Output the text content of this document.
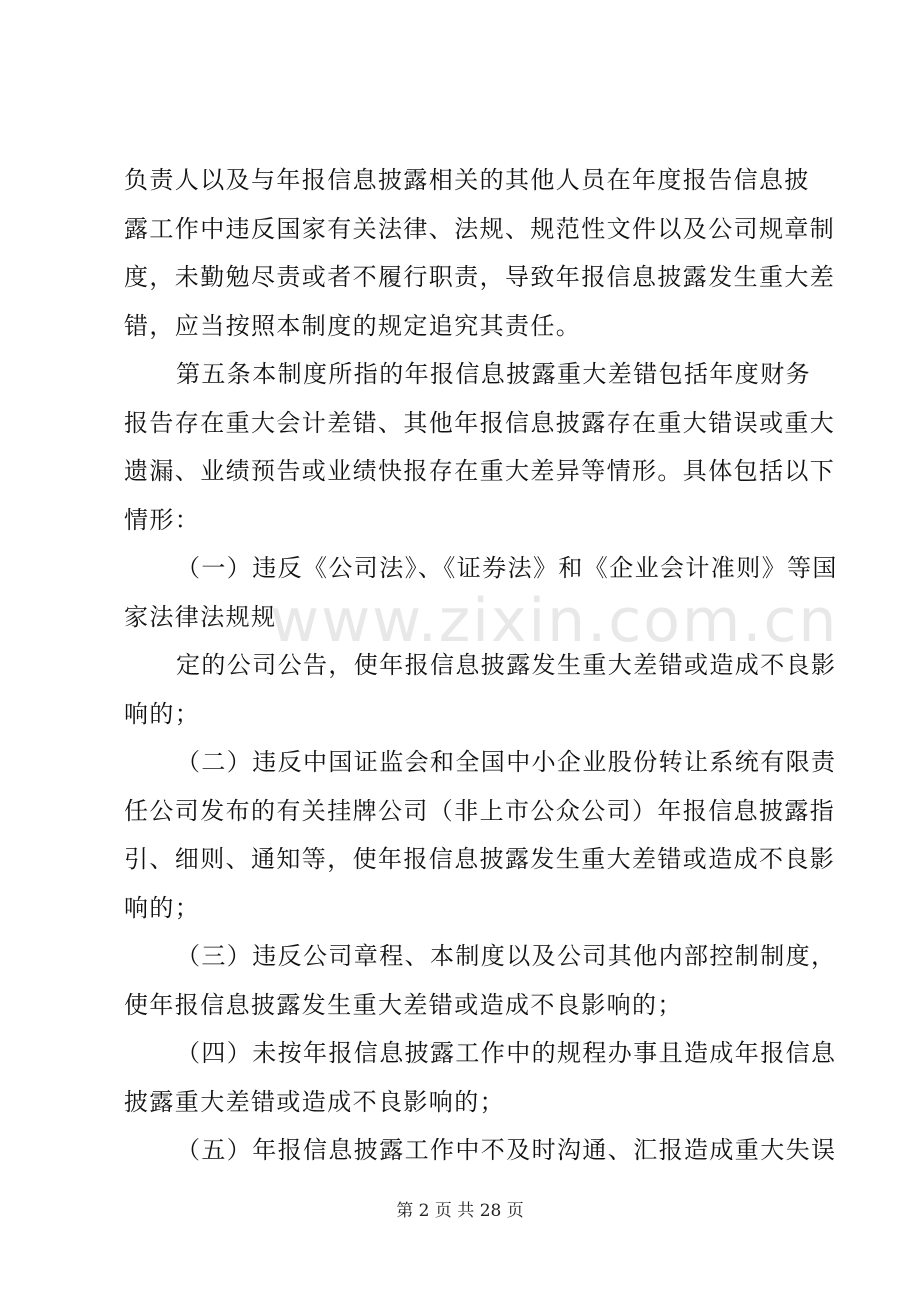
负责人以及与年报信息披露相关的其他人员在年度报告信息披
露工作中违反国家有关法律、法规、规范性文件以及公司规章制
度，未勤勉尽责或者不履行职责，导致年报信息披露发生重大差
错，应当按照本制度的规定追究其责任。

第五条本制度所指的年报信息披露重大差错包括年度财务
报告存在重大会计差错、其他年报信息披露存在重大错误或重大
遗漏、业绩预告或业绩快报存在重大差异等情形。具体包括以下
情形：

（一）违反《公司法》、《证券法》和《企业会计准则》等国
家法律法规规

定的公司公告，使年报信息披露发生重大差错或造成不良影
响的；

（二）违反中国证监会和全国中小企业股份转让系统有限责
任公司发布的有关挂牌公司（非上市公众公司）年报信息披露指
引、细则、通知等，使年报信息披露发生重大差错或造成不良影
响的；

（三）违反公司章程、本制度以及公司其他内部控制制度，
使年报信息披露发生重大差错或造成不良影响的；

（四）未按年报信息披露工作中的规程办事且造成年报信息
披露重大差错或造成不良影响的；

（五）年报信息披露工作中不及时沟通、汇报造成重大失误

www.zixin.com.cn
第 2 页 共 28 页
